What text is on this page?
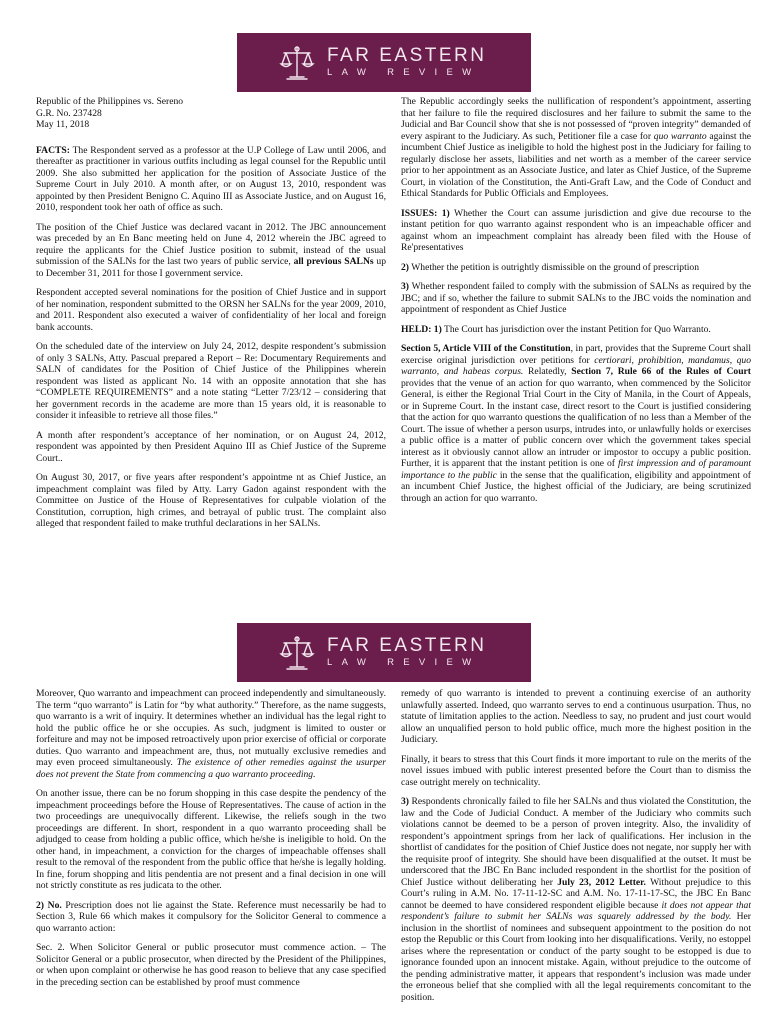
FAR EASTERN
LAW REVIEW

Republic of the Philippines vs. Sereno

G.R. No. 237428

May 11, 2018

FACTS: The Respondent served as a professor at the U.P College of Law until 2006, and thereafter as practitioner in various outfits including as legal counsel for the Republic until 2009. She also submitted her application for the position of Associate Justice of the Supreme Court in July 2010. A month after, or on August 13, 2010, respondent was appointed by then President Benigno C. Aquino III as Associate Justice, and on August 16, 2010, respondent took her oath of office as such.

The position of the Chief Justice was declared vacant in 2012. The JBC announcement was preceded by an En Banc meeting held on June 4, 2012 wherein the JBC agreed to require the applicants for the Chief Justice position to submit, instead of the usual submission of the SALNs for the last two years of public service, all previous SALNs up to December 31, 2011 for those I government service.

Respondent accepted several nominations for the position of Chief Justice and in support of her nomination, respondent submitted to the ORSN her SALNs for the year 2009, 2010, and 2011. Respondent also executed a waiver of confidentiality of her local and foreign bank accounts.

On the scheduled date of the interview on July 24, 2012, despite respondent’s submission of only 3 SALNs, Atty. Pascual prepared a Report – Re: Documentary Requirements and SALN of candidates for the Position of Chief Justice of the Philippines wherein respondent was listed as applicant No. 14 with an opposite annotation that she has “COMPLETE REQUIREMENTS” and a note stating “Letter 7/23/12 – considering that her government records in the academe are more than 15 years old, it is reasonable to consider it infeasible to retrieve all those files.”

A month after respondent’s acceptance of her nomination, or on August 24, 2012, respondent was appointed by then President Aquino III as Chief Justice of the Supreme Court..

On August 30, 2017, or five years after respondent’s appointme nt as Chief Justice, an impeachment complaint was filed by Atty. Larry Gadon against respondent with the Committee on Justice of the House of Representatives for culpable violation of the Constitution, corruption, high crimes, and betrayal of public trust. The complaint also alleged that respondent failed to make truthful declarations in her SALNs.

The Republic accordingly seeks the nullification of respondent’s appointment, asserting that her failure to file the required disclosures and her failure to submit the same to the Judicial and Bar Council show that she is not possessed of “proven integrity” demanded of every aspirant to the Judiciary. As such, Petitioner file a case for quo warranto against the incumbent Chief Justice as ineligible to hold the highest post in the Judiciary for failing to regularly disclose her assets, liabilities and net worth as a member of the career service prior to her appointment as an Associate Justice, and later as Chief Justice, of the Supreme Court, in violation of the Constitution, the Anti-Graft Law, and the Code of Conduct and Ethical Standards for Public Officials and Employees.

ISSUES: 1) Whether the Court can assume jurisdiction and give due recourse to the instant petition for quo warranto against respondent who is an impeachable officer and against whom an impeachment complaint has already been filed with the House of Re'presentatives

2) Whether the petition is outrightly dismissible on the ground of prescription

3) Whether respondent failed to comply with the submission of SALNs as required by the JBC; and if so, whether the failure to submit SALNs to the JBC voids the nomination and appointment of respondent as Chief Justice

HELD: 1) The Court has jurisdiction over the instant Petition for Quo Warranto.

Section 5, Article VIII of the Constitution, in part, provides that the Supreme Court shall exercise original jurisdiction over petitions for certiorari, prohibition, mandamus, quo warranto, and habeas corpus. Relatedly, Section 7, Rule 66 of the Rules of Court provides that the venue of an action for quo warranto, when commenced by the Solicitor General, is either the Regional Trial Court in the City of Manila, in the Court of Appeals, or in Supreme Court. In the instant case, direct resort to the Court is justified considering that the action for quo warranto questions the qualification of no less than a Member of the Court. The issue of whether a person usurps, intrudes into, or unlawfully holds or exercises a public office is a matter of public concern over which the government takes special interest as it obviously cannot allow an intruder or impostor to occupy a public position. Further, it is apparent that the instant petition is one of first impression and of paramount importance to the public in the sense that the qualification, eligibility and appointment of an incumbent Chief Justice, the highest official of the Judiciary, are being scrutinized through an action for quo warranto.

FAR EASTERN
LAW REVIEW

Moreover, Quo warranto and impeachment can proceed independently and simultaneously. The term “quo warranto” is Latin for “by what authority.” Therefore, as the name suggests, quo warranto is a writ of inquiry. It determines whether an individual has the legal right to hold the public office he or she occupies. As such, judgment is limited to ouster or forfeiture and may not be imposed retroactively upon prior exercise of official or corporate duties. Quo warranto and impeachment are, thus, not mutually exclusive remedies and may even proceed simultaneously. The existence of other remedies against the usurper does not prevent the State from commencing a quo warranto proceeding.

On another issue, there can be no forum shopping in this case despite the pendency of the impeachment proceedings before the House of Representatives. The cause of action in the two proceedings are unequivocally different. Likewise, the reliefs sough in the two proceedings are different. In short, respondent in a quo warranto proceeding shall be adjudged to cease from holding a public office, which he/she is ineligible to hold. On the other hand, in impeachment, a conviction for the charges of impeachable offenses shall result to the removal of the respondent from the public office that he/she is legally holding. In fine, forum shopping and litis pendentia are not present and a final decision in one will not strictly constitute as res judicata to the other.

2) No. Prescription does not lie against the State. Reference must necessarily be had to Section 3, Rule 66 which makes it compulsory for the Solicitor General to commence a quo warranto action:

Sec. 2. When Solicitor General or public prosecutor must commence action. – The Solicitor General or a public prosecutor, when directed by the President of the Philippines, or when upon complaint or otherwise he has good reason to believe that any case specified in the preceding section can be established by proof must commence

remedy of quo warranto is intended to prevent a continuing exercise of an authority unlawfully asserted. Indeed, quo warranto serves to end a continuous usurpation. Thus, no statute of limitation applies to the action. Needless to say, no prudent and just court would allow an unqualified person to hold public office, much more the highest position in the Judiciary.

Finally, it bears to stress that this Court finds it more important to rule on the merits of the novel issues imbued with public interest presented before the Court than to dismiss the case outright merely on technicality.

3) Respondents chronically failed to file her SALNs and thus violated the Constitution, the law and the Code of Judicial Conduct. A member of the Judiciary who commits such violations cannot be deemed to be a person of proven integrity. Also, the invalidity of respondent’s appointment springs from her lack of qualifications. Her inclusion in the shortlist of candidates for the position of Chief Justice does not negate, nor supply her with the requisite proof of integrity. She should have been disqualified at the outset. It must be underscored that the JBC En Banc included respondent in the shortlist for the position of Chief Justice without deliberating her July 23, 2012 Letter. Without prejudice to this Court’s ruling in A.M. No. 17-11-12-SC and A.M. No. 17-11-17-SC, the JBC En Banc cannot be deemed to have considered respondent eligible because it does not appear that respondent’s failure to submit her SALNs was squarely addressed by the body. Her inclusion in the shortlist of nominees and subsequent appointment to the position do not estop the Republic or this Court from looking into her disqualifications. Verily, no estoppel arises where the representation or conduct of the party sought to be estopped is due to ignorance founded upon an innocent mistake. Again, without prejudice to the outcome of the pending administrative matter, it appears that respondent’s inclusion was made under the erroneous belief that she complied with all the legal requirements concomitant to the position.
